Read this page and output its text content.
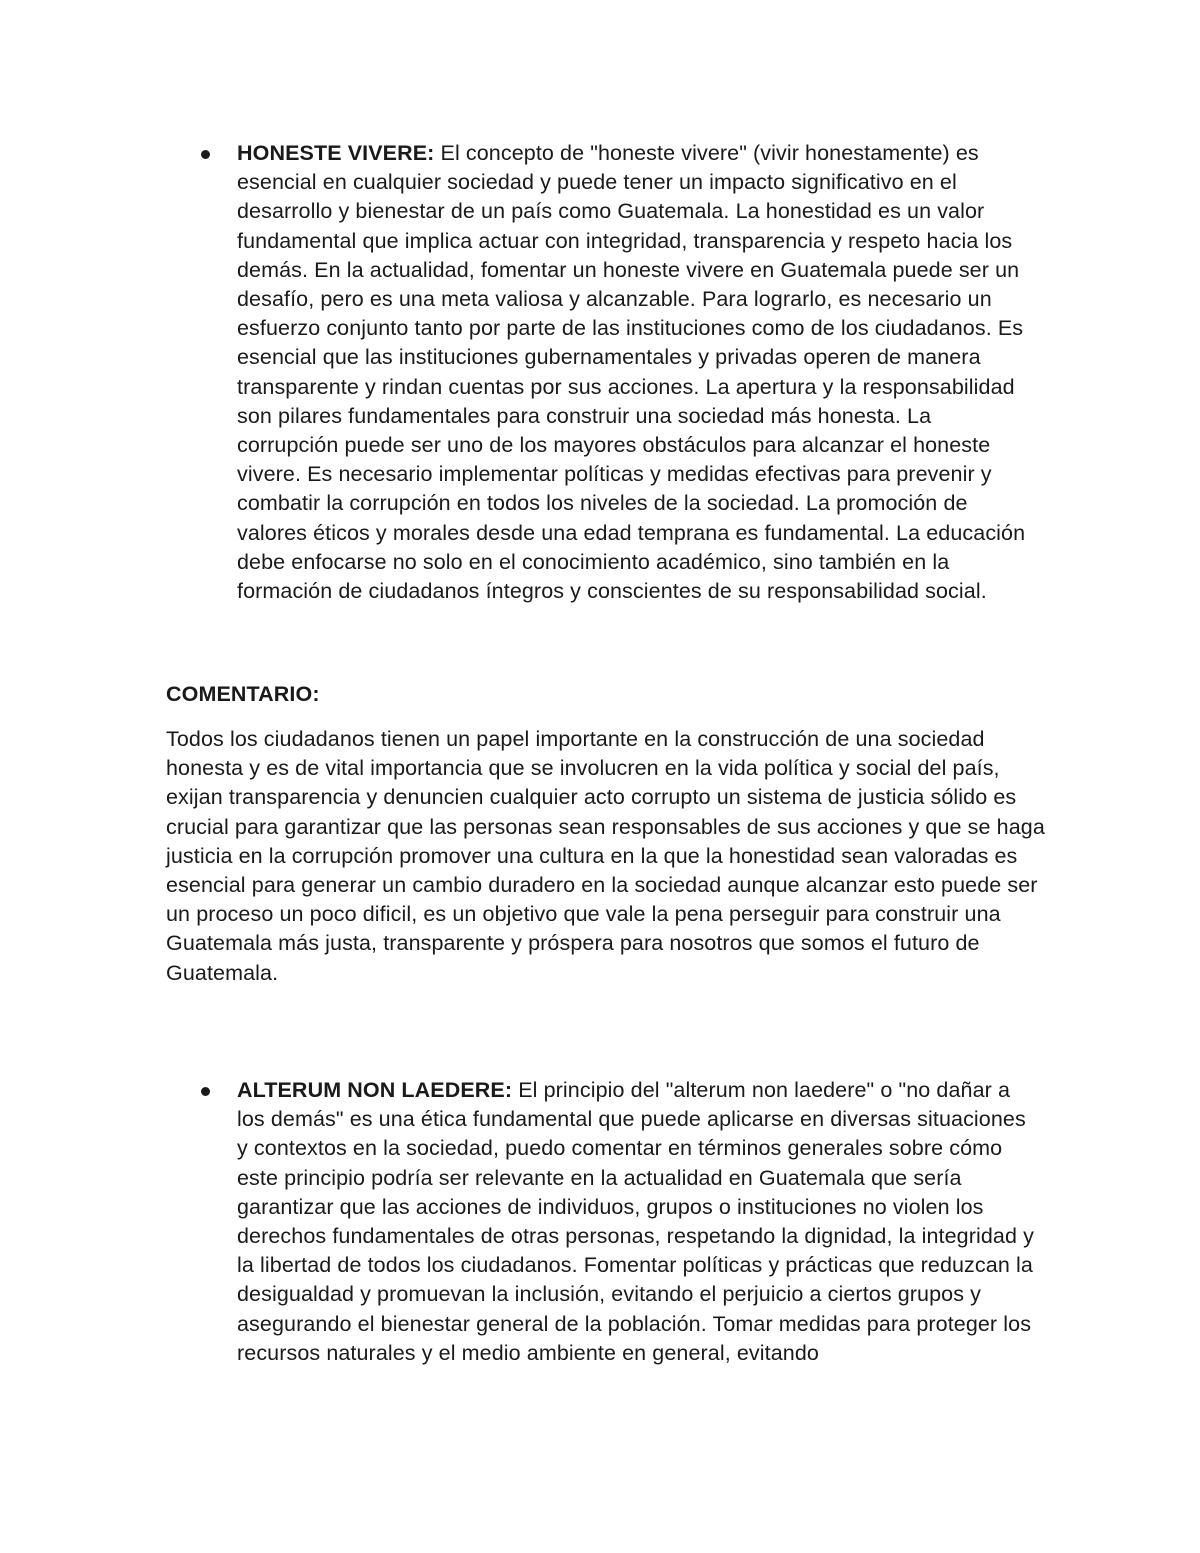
HONESTE VIVERE: El concepto de "honeste vivere" (vivir honestamente) es esencial en cualquier sociedad y puede tener un impacto significativo en el desarrollo y bienestar de un país como Guatemala. La honestidad es un valor fundamental que implica actuar con integridad, transparencia y respeto hacia los demás. En la actualidad, fomentar un honeste vivere en Guatemala puede ser un desafío, pero es una meta valiosa y alcanzable. Para lograrlo, es necesario un esfuerzo conjunto tanto por parte de las instituciones como de los ciudadanos. Es esencial que las instituciones gubernamentales y privadas operen de manera transparente y rindan cuentas por sus acciones. La apertura y la responsabilidad son pilares fundamentales para construir una sociedad más honesta. La corrupción puede ser uno de los mayores obstáculos para alcanzar el honeste vivere. Es necesario implementar políticas y medidas efectivas para prevenir y combatir la corrupción en todos los niveles de la sociedad. La promoción de valores éticos y morales desde una edad temprana es fundamental. La educación debe enfocarse no solo en el conocimiento académico, sino también en la formación de ciudadanos íntegros y conscientes de su responsabilidad social.
COMENTARIO:
Todos los ciudadanos tienen un papel importante en la construcción de una sociedad honesta y es de vital importancia que se involucren en la vida política y social del país, exijan transparencia y denuncien cualquier acto corrupto un sistema de justicia sólido es crucial para garantizar que las personas sean responsables de sus acciones y que se haga justicia en la corrupción promover una cultura en la que la honestidad sean valoradas es esencial para generar un cambio duradero en la sociedad aunque alcanzar esto puede ser un proceso un poco dificil, es un objetivo que vale la pena perseguir para construir una Guatemala más justa, transparente y próspera para nosotros que somos el futuro de Guatemala.
ALTERUM NON LAEDERE: El principio del "alterum non laedere" o "no dañar a los demás" es una ética fundamental que puede aplicarse en diversas situaciones y contextos en la sociedad, puedo comentar en términos generales sobre cómo este principio podría ser relevante en la actualidad en Guatemala que sería garantizar que las acciones de individuos, grupos o instituciones no violen los derechos fundamentales de otras personas, respetando la dignidad, la integridad y la libertad de todos los ciudadanos. Fomentar políticas y prácticas que reduzcan la desigualdad y promuevan la inclusión, evitando el perjuicio a ciertos grupos y asegurando el bienestar general de la población. Tomar medidas para proteger los recursos naturales y el medio ambiente en general, evitando
